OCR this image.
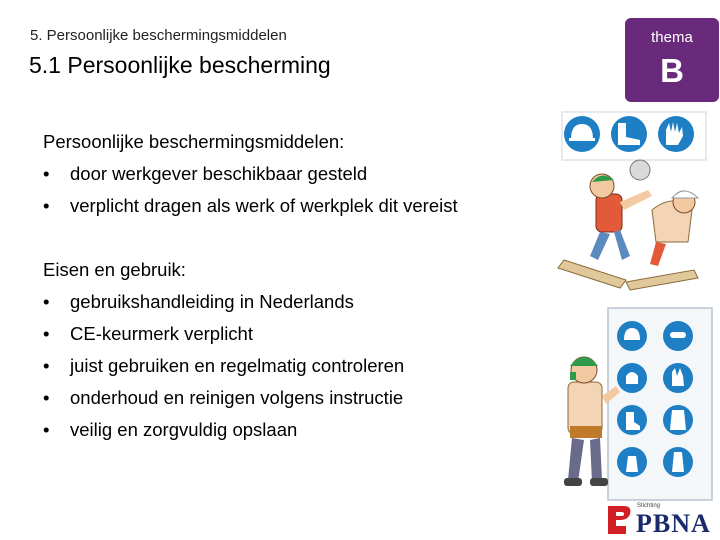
5. Persoonlijke beschermingsmiddelen
5.1 Persoonlijke bescherming
thema
B

Persoonlijke beschermingsmiddelen:

• door werkgever beschikbaar gesteld
• verplicht dragen als werk of werkplek dit vereist

Eisen en gebruik:

• gebruikshandleiding in Nederlands
• CE-keurmerk verplicht
• juist gebruiken en regelmatig controleren
• onderhoud en reinigen volgens instructie
• veilig en zorgvuldig opslaan
Stichting
PBNA
